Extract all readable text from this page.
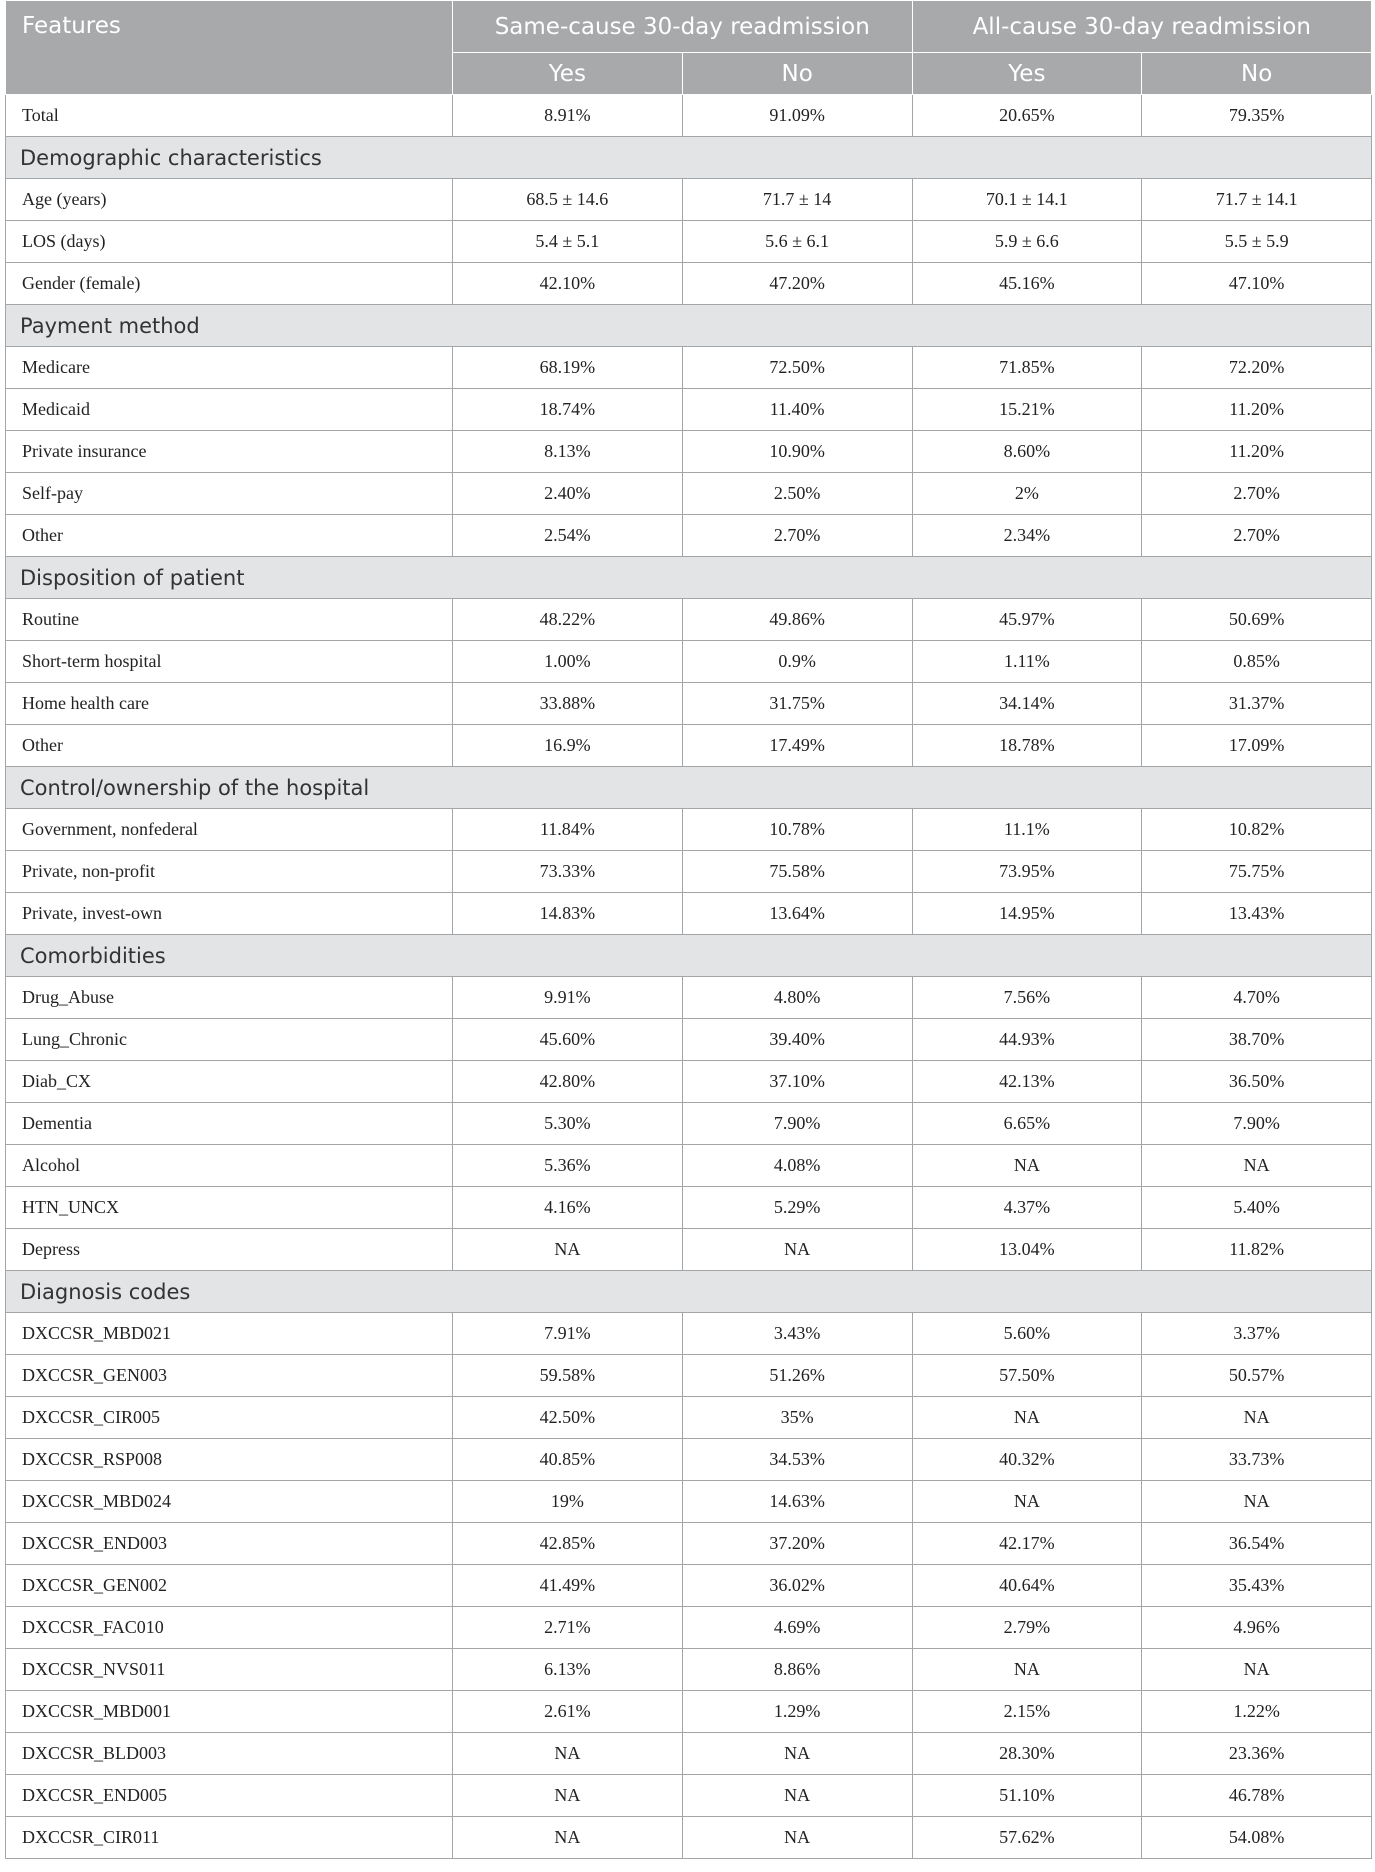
Features	Same-cause 30-day readmission		All-cause 30-day readmission	
	Yes	No	Yes	No
Total	8.91%	91.09%	20.65%	79.35%
Demographic characteristics				
Age (years)	68.5 ± 14.6	71.7 ± 14	70.1 ± 14.1	71.7 ± 14.1
LOS (days)	5.4 ± 5.1	5.6 ± 6.1	5.9 ± 6.6	5.5 ± 5.9
Gender (female)	42.10%	47.20%	45.16%	47.10%
Payment method				
Medicare	68.19%	72.50%	71.85%	72.20%
Medicaid	18.74%	11.40%	15.21%	11.20%
Private insurance	8.13%	10.90%	8.60%	11.20%
Self-pay	2.40%	2.50%	2%	2.70%
Other	2.54%	2.70%	2.34%	2.70%
Disposition of patient				
Routine	48.22%	49.86%	45.97%	50.69%
Short-term hospital	1.00%	0.9%	1.11%	0.85%
Home health care	33.88%	31.75%	34.14%	31.37%
Other	16.9%	17.49%	18.78%	17.09%
Control/ownership of the hospital				
Government, nonfederal	11.84%	10.78%	11.1%	10.82%
Private, non-profit	73.33%	75.58%	73.95%	75.75%
Private, invest-own	14.83%	13.64%	14.95%	13.43%
Comorbidities				
Drug_Abuse	9.91%	4.80%	7.56%	4.70%
Lung_Chronic	45.60%	39.40%	44.93%	38.70%
Diab_CX	42.80%	37.10%	42.13%	36.50%
Dementia	5.30%	7.90%	6.65%	7.90%
Alcohol	5.36%	4.08%	NA	NA
HTN_UNCX	4.16%	5.29%	4.37%	5.40%
Depress	NA	NA	13.04%	11.82%
Diagnosis codes				
DXCCSR_MBD021	7.91%	3.43%	5.60%	3.37%
DXCCSR_GEN003	59.58%	51.26%	57.50%	50.57%
DXCCSR_CIR005	42.50%	35%	NA	NA
DXCCSR_RSP008	40.85%	34.53%	40.32%	33.73%
DXCCSR_MBD024	19%	14.63%	NA	NA
DXCCSR_END003	42.85%	37.20%	42.17%	36.54%
DXCCSR_GEN002	41.49%	36.02%	40.64%	35.43%
DXCCSR_FAC010	2.71%	4.69%	2.79%	4.96%
DXCCSR_NVS011	6.13%	8.86%	NA	NA
DXCCSR_MBD001	2.61%	1.29%	2.15%	1.22%
DXCCSR_BLD003	NA	NA	28.30%	23.36%
DXCCSR_END005	NA	NA	51.10%	46.78%
DXCCSR_CIR011	NA	NA	57.62%	54.08%
